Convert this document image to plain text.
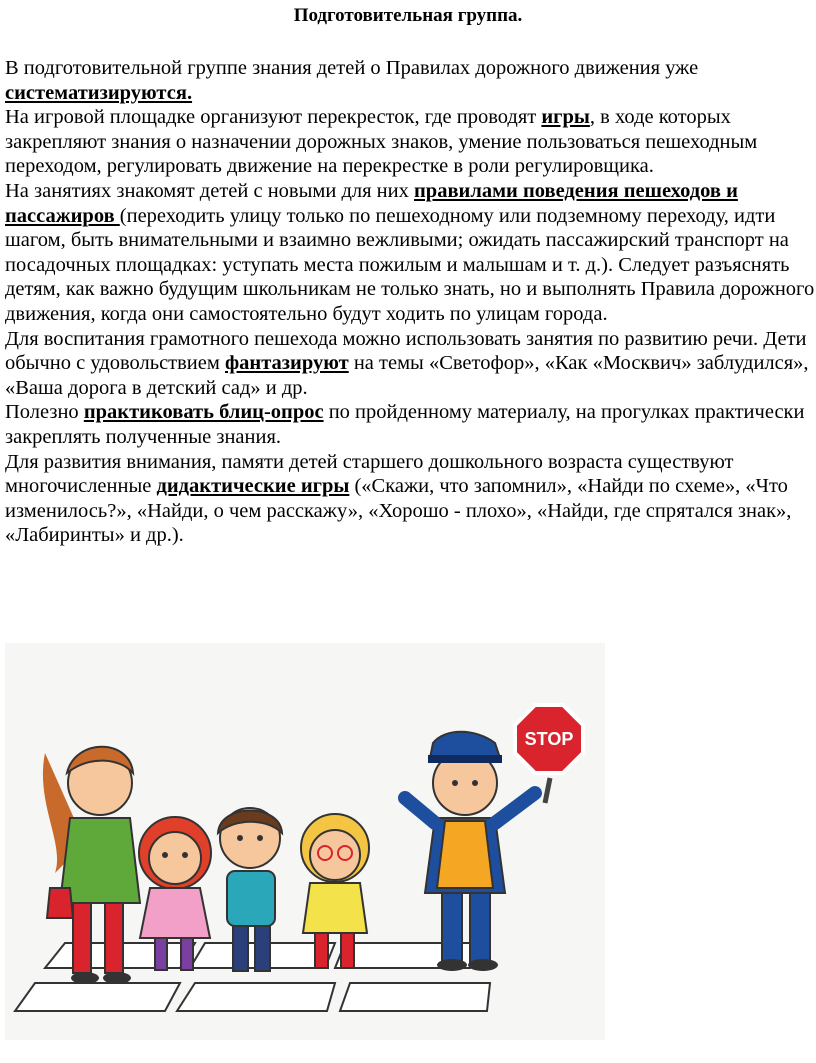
Подготовительная группа.

В подготовительной группе знания детей о Правилах дорожного движения уже систематизируются.

На игровой площадке организуют перекресток, где проводят игры, в ходе которых закрепляют знания о назначении дорожных знаков, умение пользоваться пешеходным переходом, регулировать движение на перекрестке в роли регулировщика.

На занятиях знакомят детей с новыми для них правилами поведения пешеходов и пассажиров (переходить улицу только по пешеходному или подземному переходу, идти шагом, быть внимательными и взаимно вежливыми; ожидать пассажирский транспорт на посадочных площадках: уступать места пожилым и малышам и т. д.). Следует разъяснять детям, как важно будущим школьникам не только знать, но и выполнять Правила дорожного движения, когда они самостоятельно будут ходить по улицам города.

Для воспитания грамотного пешехода можно использовать занятия по развитию речи. Дети обычно с удовольствием фантазируют на темы «Светофор», «Как «Москвич» заблудился», «Ваша дорога в детский сад» и др.

Полезно практиковать блиц-опрос по пройденному материалу, на прогулках практически закреплять полученные знания.

Для развития внимания, памяти детей старшего дошкольного возраста существуют многочисленные дидактические игры («Скажи, что запомнил», «Найди по схеме», «Что изменилось?», «Найди, о чем расскажу», «Хорошо - плохо», «Найди, где спрятался знак», «Лабиринты» и др.).

STOP
